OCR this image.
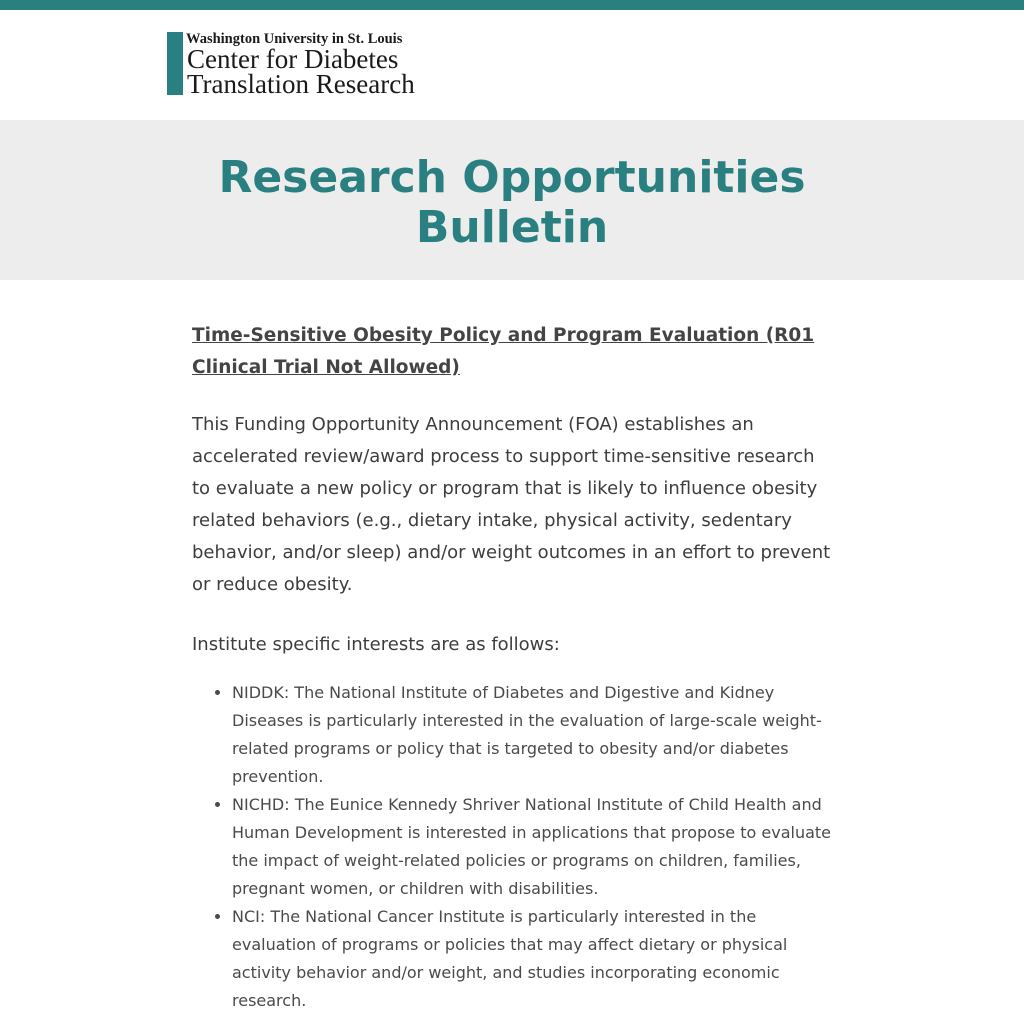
Washington University in St. Louis
Center for Diabetes
Translation Research
Research Opportunities
Bulletin

Time-Sensitive Obesity Policy and Program Evaluation (R01 Clinical Trial Not Allowed)

This Funding Opportunity Announcement (FOA) establishes an accelerated review/award process to support time-sensitive research to evaluate a new policy or program that is likely to influence obesity related behaviors (e.g., dietary intake, physical activity, sedentary behavior, and/or sleep) and/or weight outcomes in an effort to prevent or reduce obesity.

Institute specific interests are as follows:

• NIDDK: The National Institute of Diabetes and Digestive and Kidney Diseases is particularly interested in the evaluation of large-scale weight-related programs or policy that is targeted to obesity and/or diabetes prevention.
• NICHD: The Eunice Kennedy Shriver National Institute of Child Health and Human Development is interested in applications that propose to evaluate the impact of weight-related policies or programs on children, families, pregnant women, or children with disabilities.
• NCI: The National Cancer Institute is particularly interested in the evaluation of programs or policies that may affect dietary or physical activity behavior and/or weight, and studies incorporating economic research.
